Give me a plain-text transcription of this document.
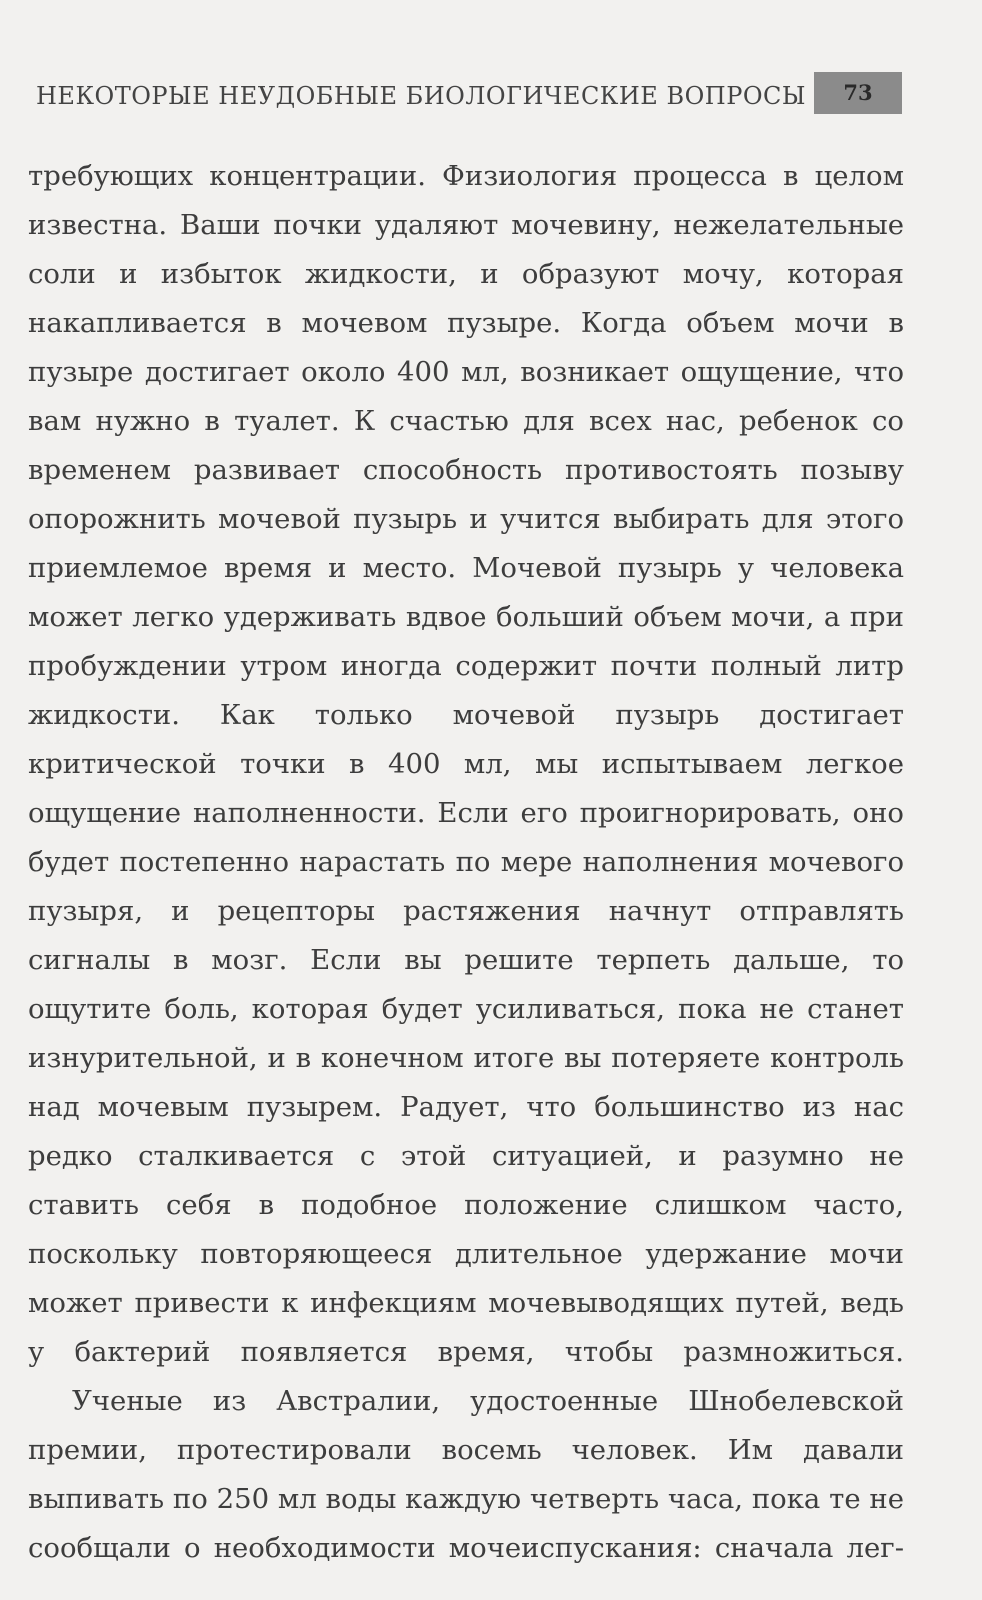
НЕКОТОРЫЕ НЕУДОБНЫЕ БИОЛОГИЧЕСКИЕ ВОПРОСЫ	73

требующих концентрации. Физиология процесса в целом известна. Ваши почки удаляют мочевину, нежелательные соли и избыток жидкости, и образуют мочу, которая накапливается в мочевом пузыре. Когда объем мочи в пузыре достигает около 400 мл, возникает ощущение, что вам нужно в туалет. К счастью для всех нас, ребенок со временем развивает способность противостоять позыву опорожнить мочевой пузырь и учится выбирать для этого приемлемое время и место. Мочевой пузырь у человека может легко удерживать вдвое больший объем мочи, а при пробуждении утром иногда содержит почти полный литр жидкости. Как только мочевой пузырь достигает критической точки в 400 мл, мы испытываем легкое ощущение наполненности. Если его проигнорировать, оно будет постепенно нарастать по мере наполнения мочевого пузыря, и рецепторы растяжения начнут отправлять сигналы в мозг. Если вы решите терпеть дальше, то ощутите боль, которая будет усиливаться, пока не станет изнурительной, и в конечном итоге вы потеряете контроль над мочевым пузырем. Радует, что большинство из нас редко сталкивается с этой ситуацией, и разумно не ставить себя в подобное положение слишком часто, поскольку повторяющееся длительное удержание мочи может привести к инфекциям мочевыводящих путей, ведь у бактерий появляется время, чтобы размножиться.

Ученые из Австралии, удостоенные Шнобелевской премии, протестировали восемь человек. Им давали выпивать по 250 мл воды каждую четверть часа, пока те не сообщали о необходимости мочеиспускания: сначала лег-
